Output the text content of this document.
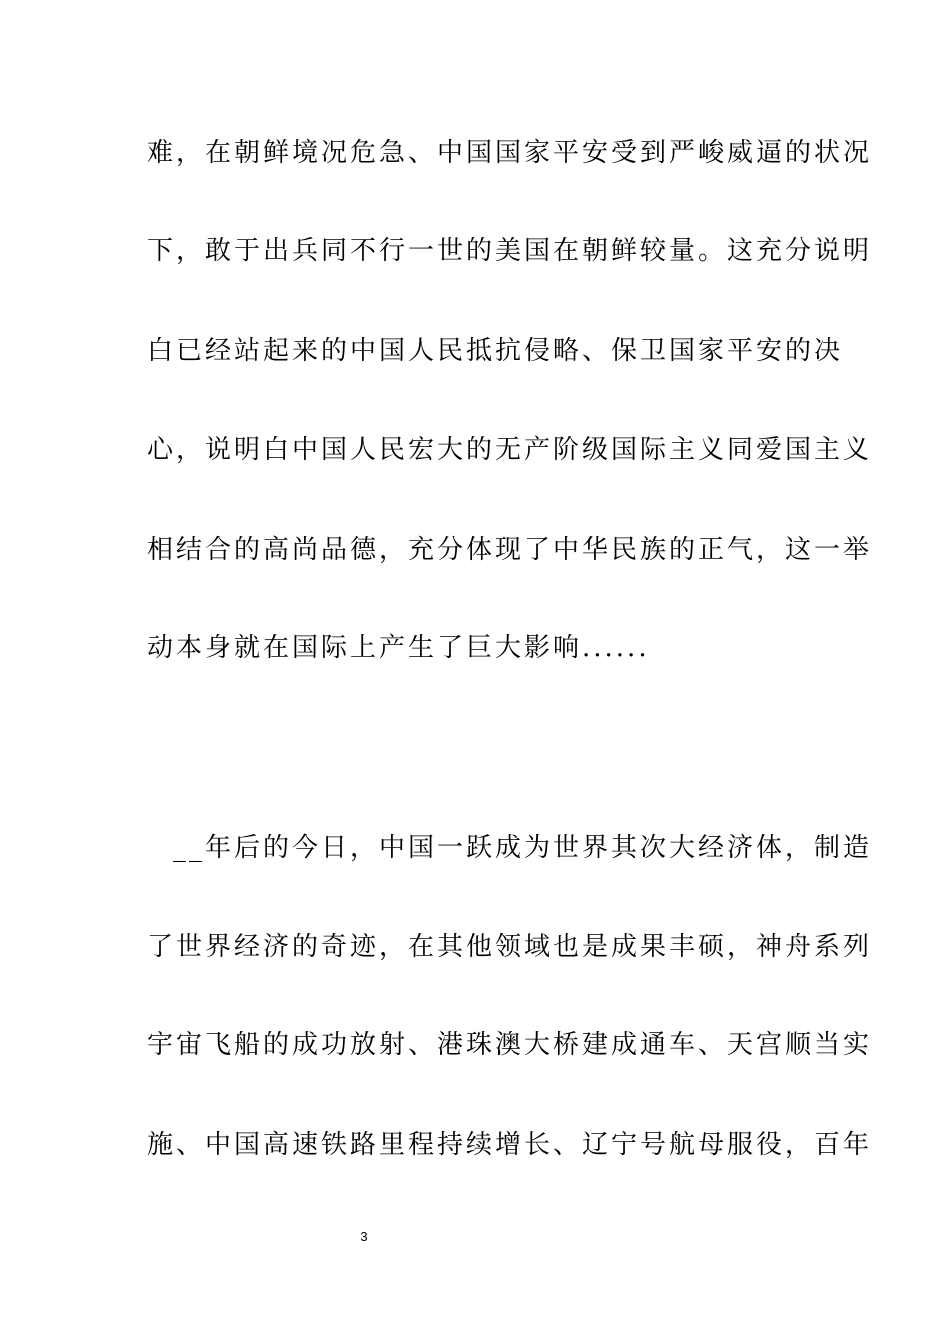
难，在朝鲜境况危急、中国国家平安受到严峻威逼的状况
下，敢于出兵同不行一世的美国在朝鲜较量。这充分说明
白已经站起来的中国人民抵抗侵略、保卫国家平安的决
心，说明白中国人民宏大的无产阶级国际主义同爱国主义
相结合的高尚品德，充分体现了中华民族的正气，这一举
动本身就在国际上产生了巨大影响......
__年后的今日，中国一跃成为世界其次大经济体，制造
了世界经济的奇迹，在其他领域也是成果丰硕，神舟系列
宇宙飞船的成功放射、港珠澳大桥建成通车、天宫顺当实
施、中国高速铁路里程持续增长、辽宁号航母服役，百年
3
